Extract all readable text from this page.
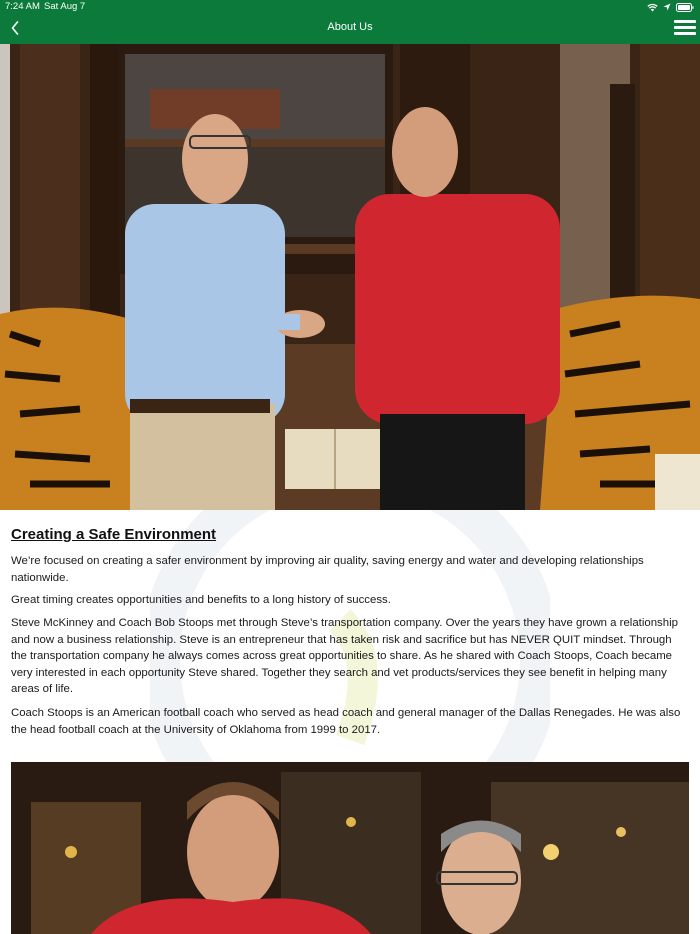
7:24 AM Sat Aug 7
About Us
Creating a Safe Environment

We’re focused on creating a safer environment by improving air quality, saving energy and water and developing relationships nationwide.

Great timing creates opportunities and benefits to a long history of success.

Steve McKinney and Coach Bob Stoops met through Steve’s transportation company. Over the years they have grown a relationship and now a business relationship. Steve is an entrepreneur that has taken risk and sacrifice but has NEVER QUIT mindset. Through the transportation company he always comes across great opportunities to share. As he shared with Coach Stoops, Coach became very interested in each opportunity Steve shared. Together they search and vet products/services they see benefit in helping many areas of life.

Coach Stoops is an American football coach who served as head coach and general manager of the Dallas Renegades. He was also the head football coach at the University of Oklahoma from 1999 to 2017.
